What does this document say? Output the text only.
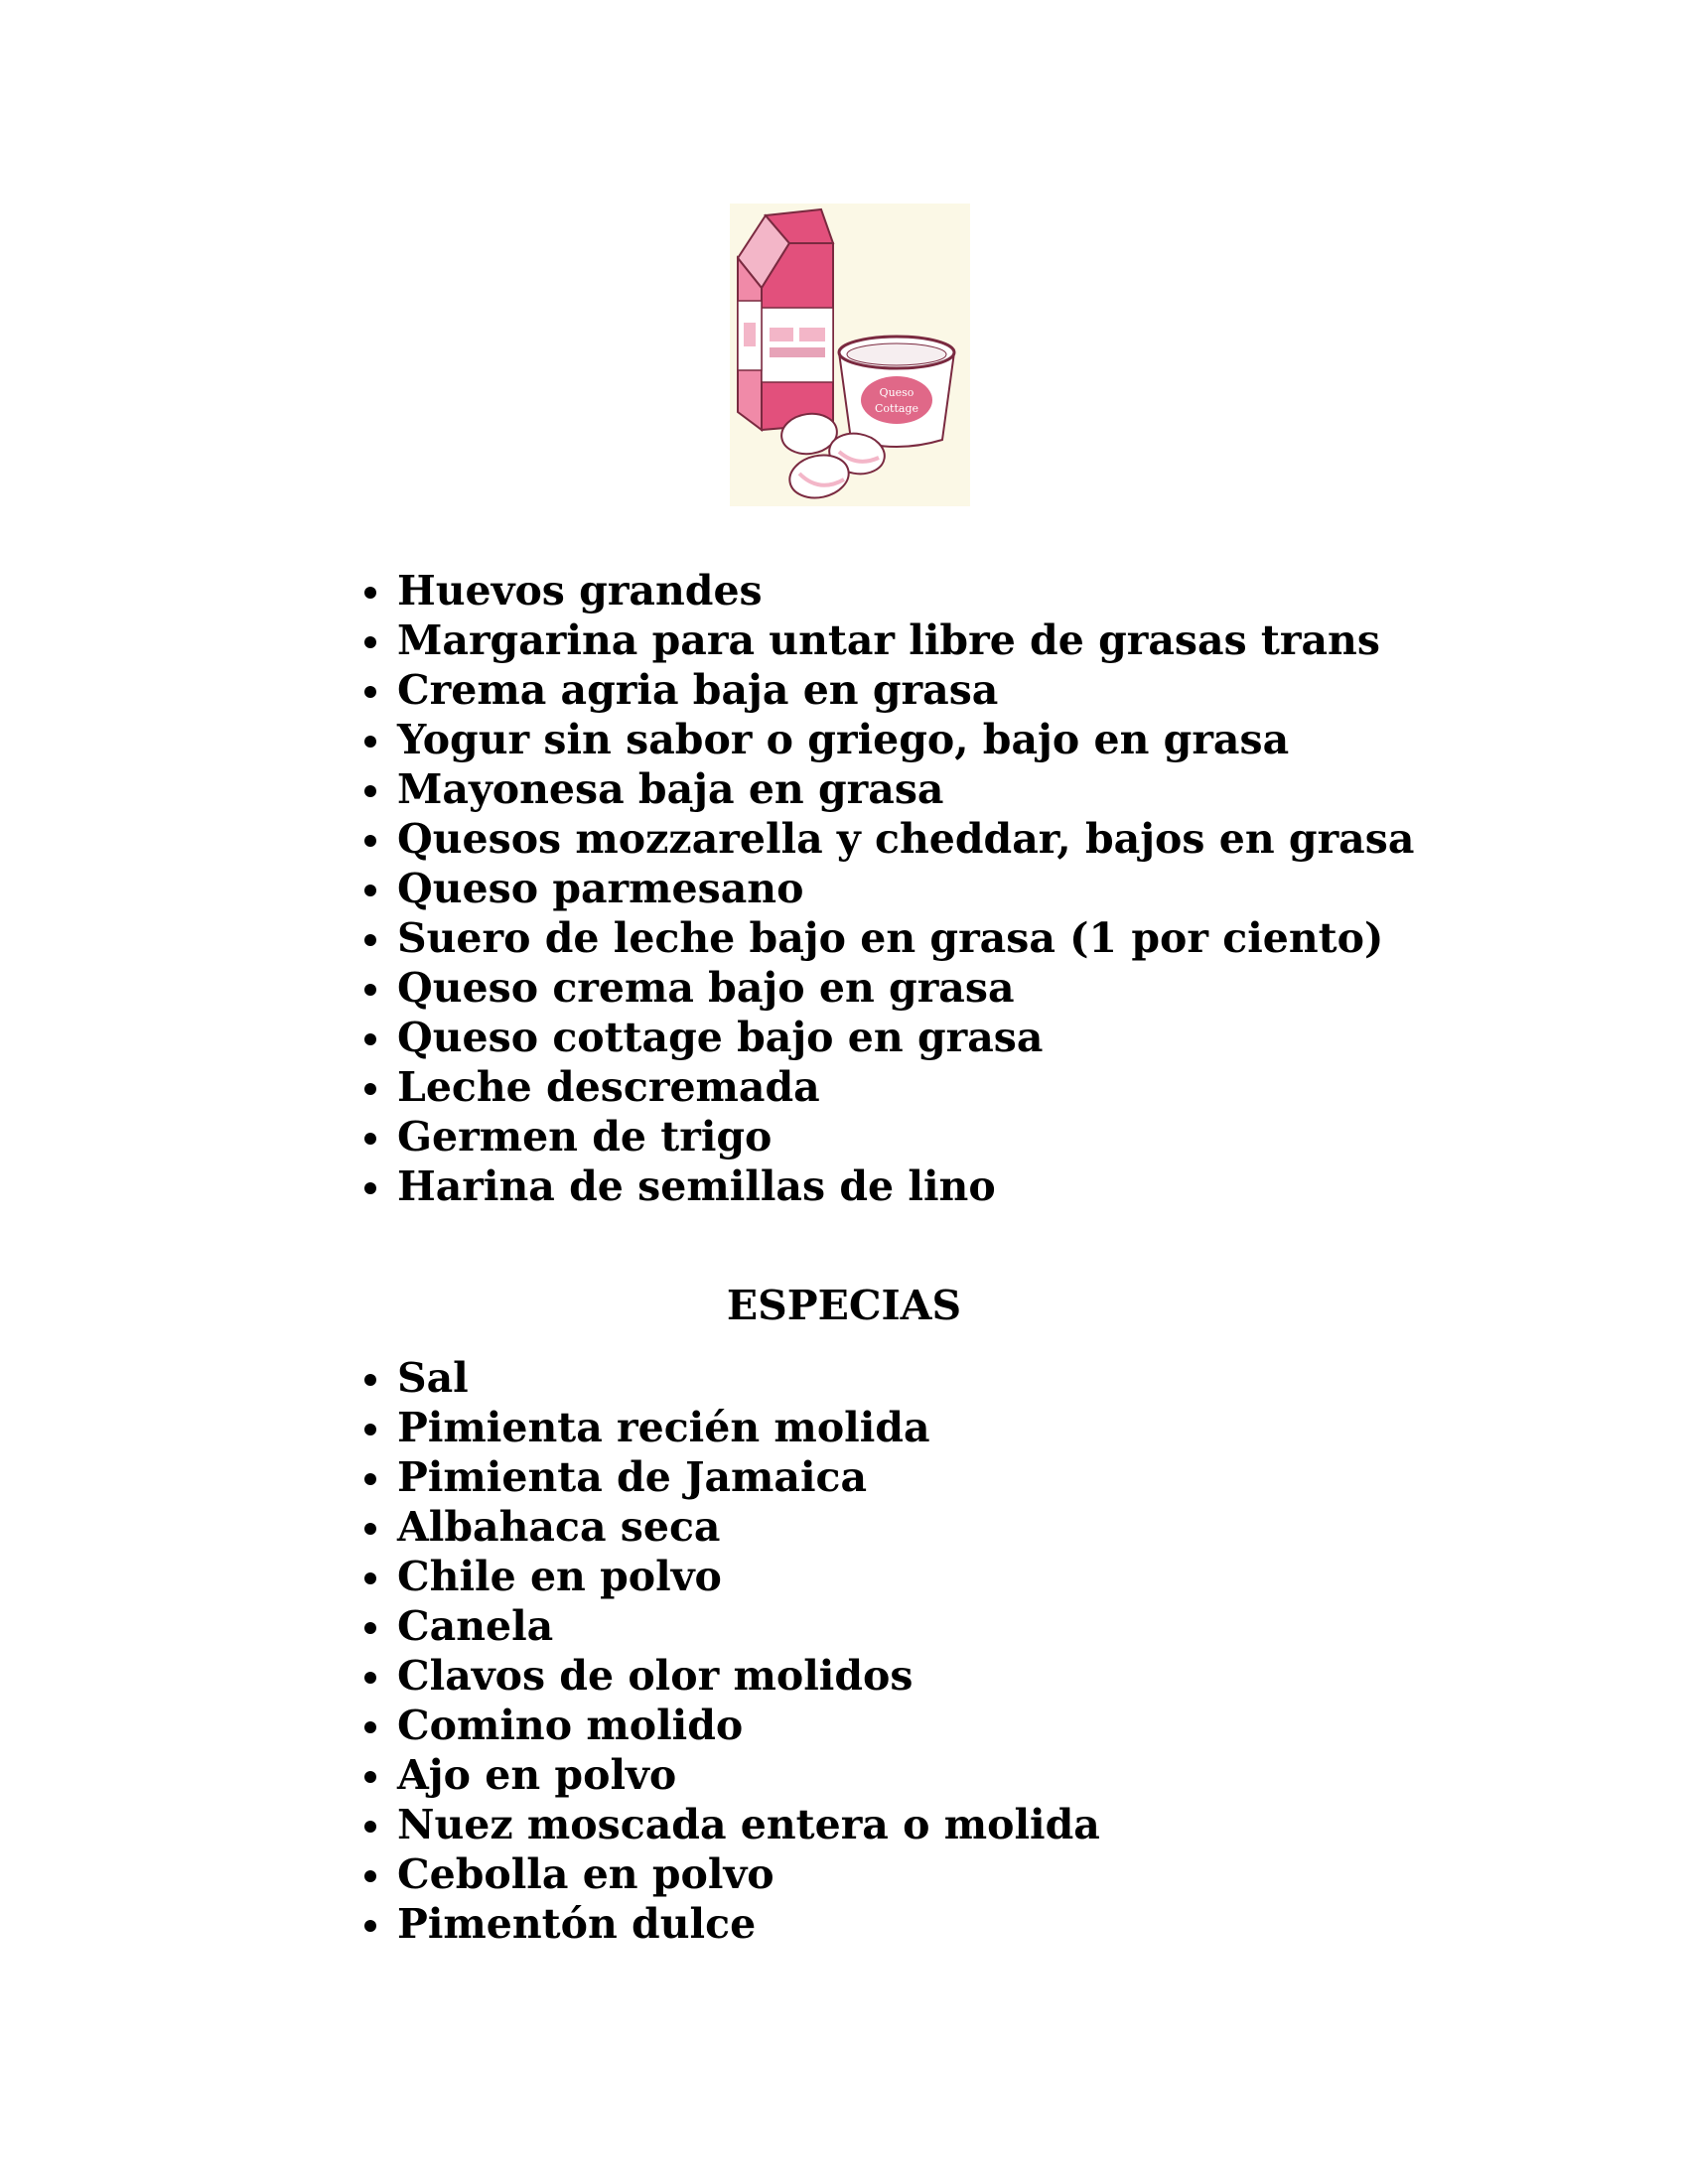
Queso
Cottage
Huevos grandes
Margarina para untar libre de grasas trans
Crema agria baja en grasa
Yogur sin sabor o griego, bajo en grasa
Mayonesa baja en grasa
Quesos mozzarella y cheddar, bajos en grasa
Queso parmesano
Suero de leche bajo en grasa (1 por ciento)
Queso crema bajo en grasa
Queso cottage bajo en grasa
Leche descremada
Germen de trigo
Harina de semillas de lino
ESPECIAS
Sal
Pimienta recién molida
Pimienta de Jamaica
Albahaca seca
Chile en polvo
Canela
Clavos de olor molidos
Comino molido
Ajo en polvo
Nuez moscada entera o molida
Cebolla en polvo
Pimentón dulce
